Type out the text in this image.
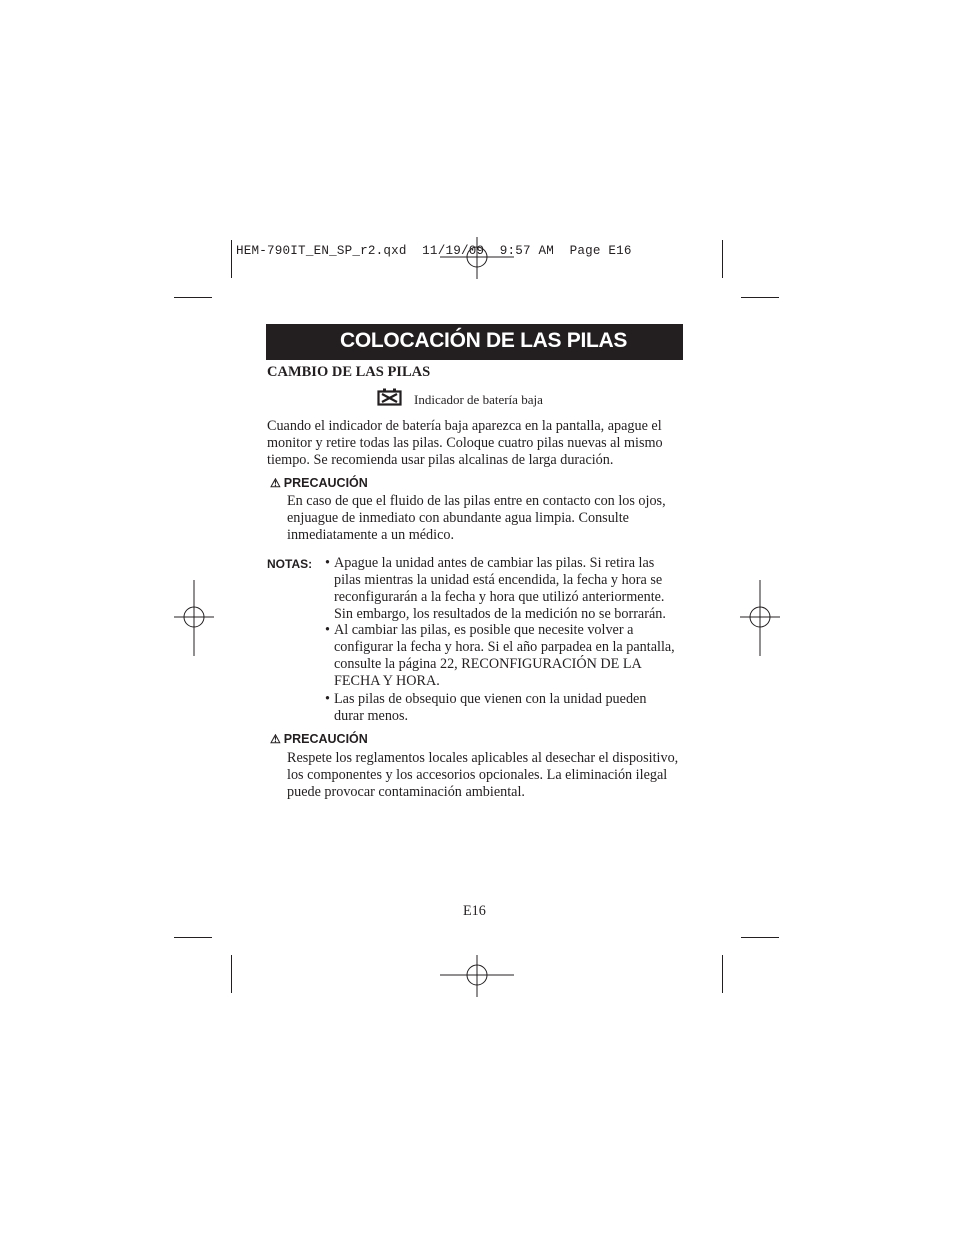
HEM-790IT_EN_SP_r2.qxd  11/19/09  9:57 AM  Page E16
COLOCACIÓN DE LAS PILAS
CAMBIO DE LAS PILAS
Indicador de batería baja
Cuando el indicador de batería baja aparezca en la pantalla, apague el
monitor y retire todas las pilas. Coloque cuatro pilas nuevas al mismo
tiempo. Se recomienda usar pilas alcalinas de larga duración.
⚠ PRECAUCIÓN
En caso de que el fluido de las pilas entre en contacto con los ojos,
enjuague de inmediato con abundante agua limpia. Consulte
inmediatamente a un médico.
NOTAS: • Apague la unidad antes de cambiar las pilas. Si retira las
pilas mientras la unidad está encendida, la fecha y hora se
reconfigurarán a la fecha y hora que utilizó anteriormente.
Sin embargo, los resultados de la medición no se borrarán.
• Al cambiar las pilas, es posible que necesite volver a
configurar la fecha y hora. Si el año parpadea en la pantalla,
consulte la página 22, RECONFIGURACIÓN DE LA
FECHA Y HORA.
• Las pilas de obsequio que vienen con la unidad pueden
durar menos.
⚠ PRECAUCIÓN
Respete los reglamentos locales aplicables al desechar el dispositivo,
los componentes y los accesorios opcionales. La eliminación ilegal
puede provocar contaminación ambiental.
E16
